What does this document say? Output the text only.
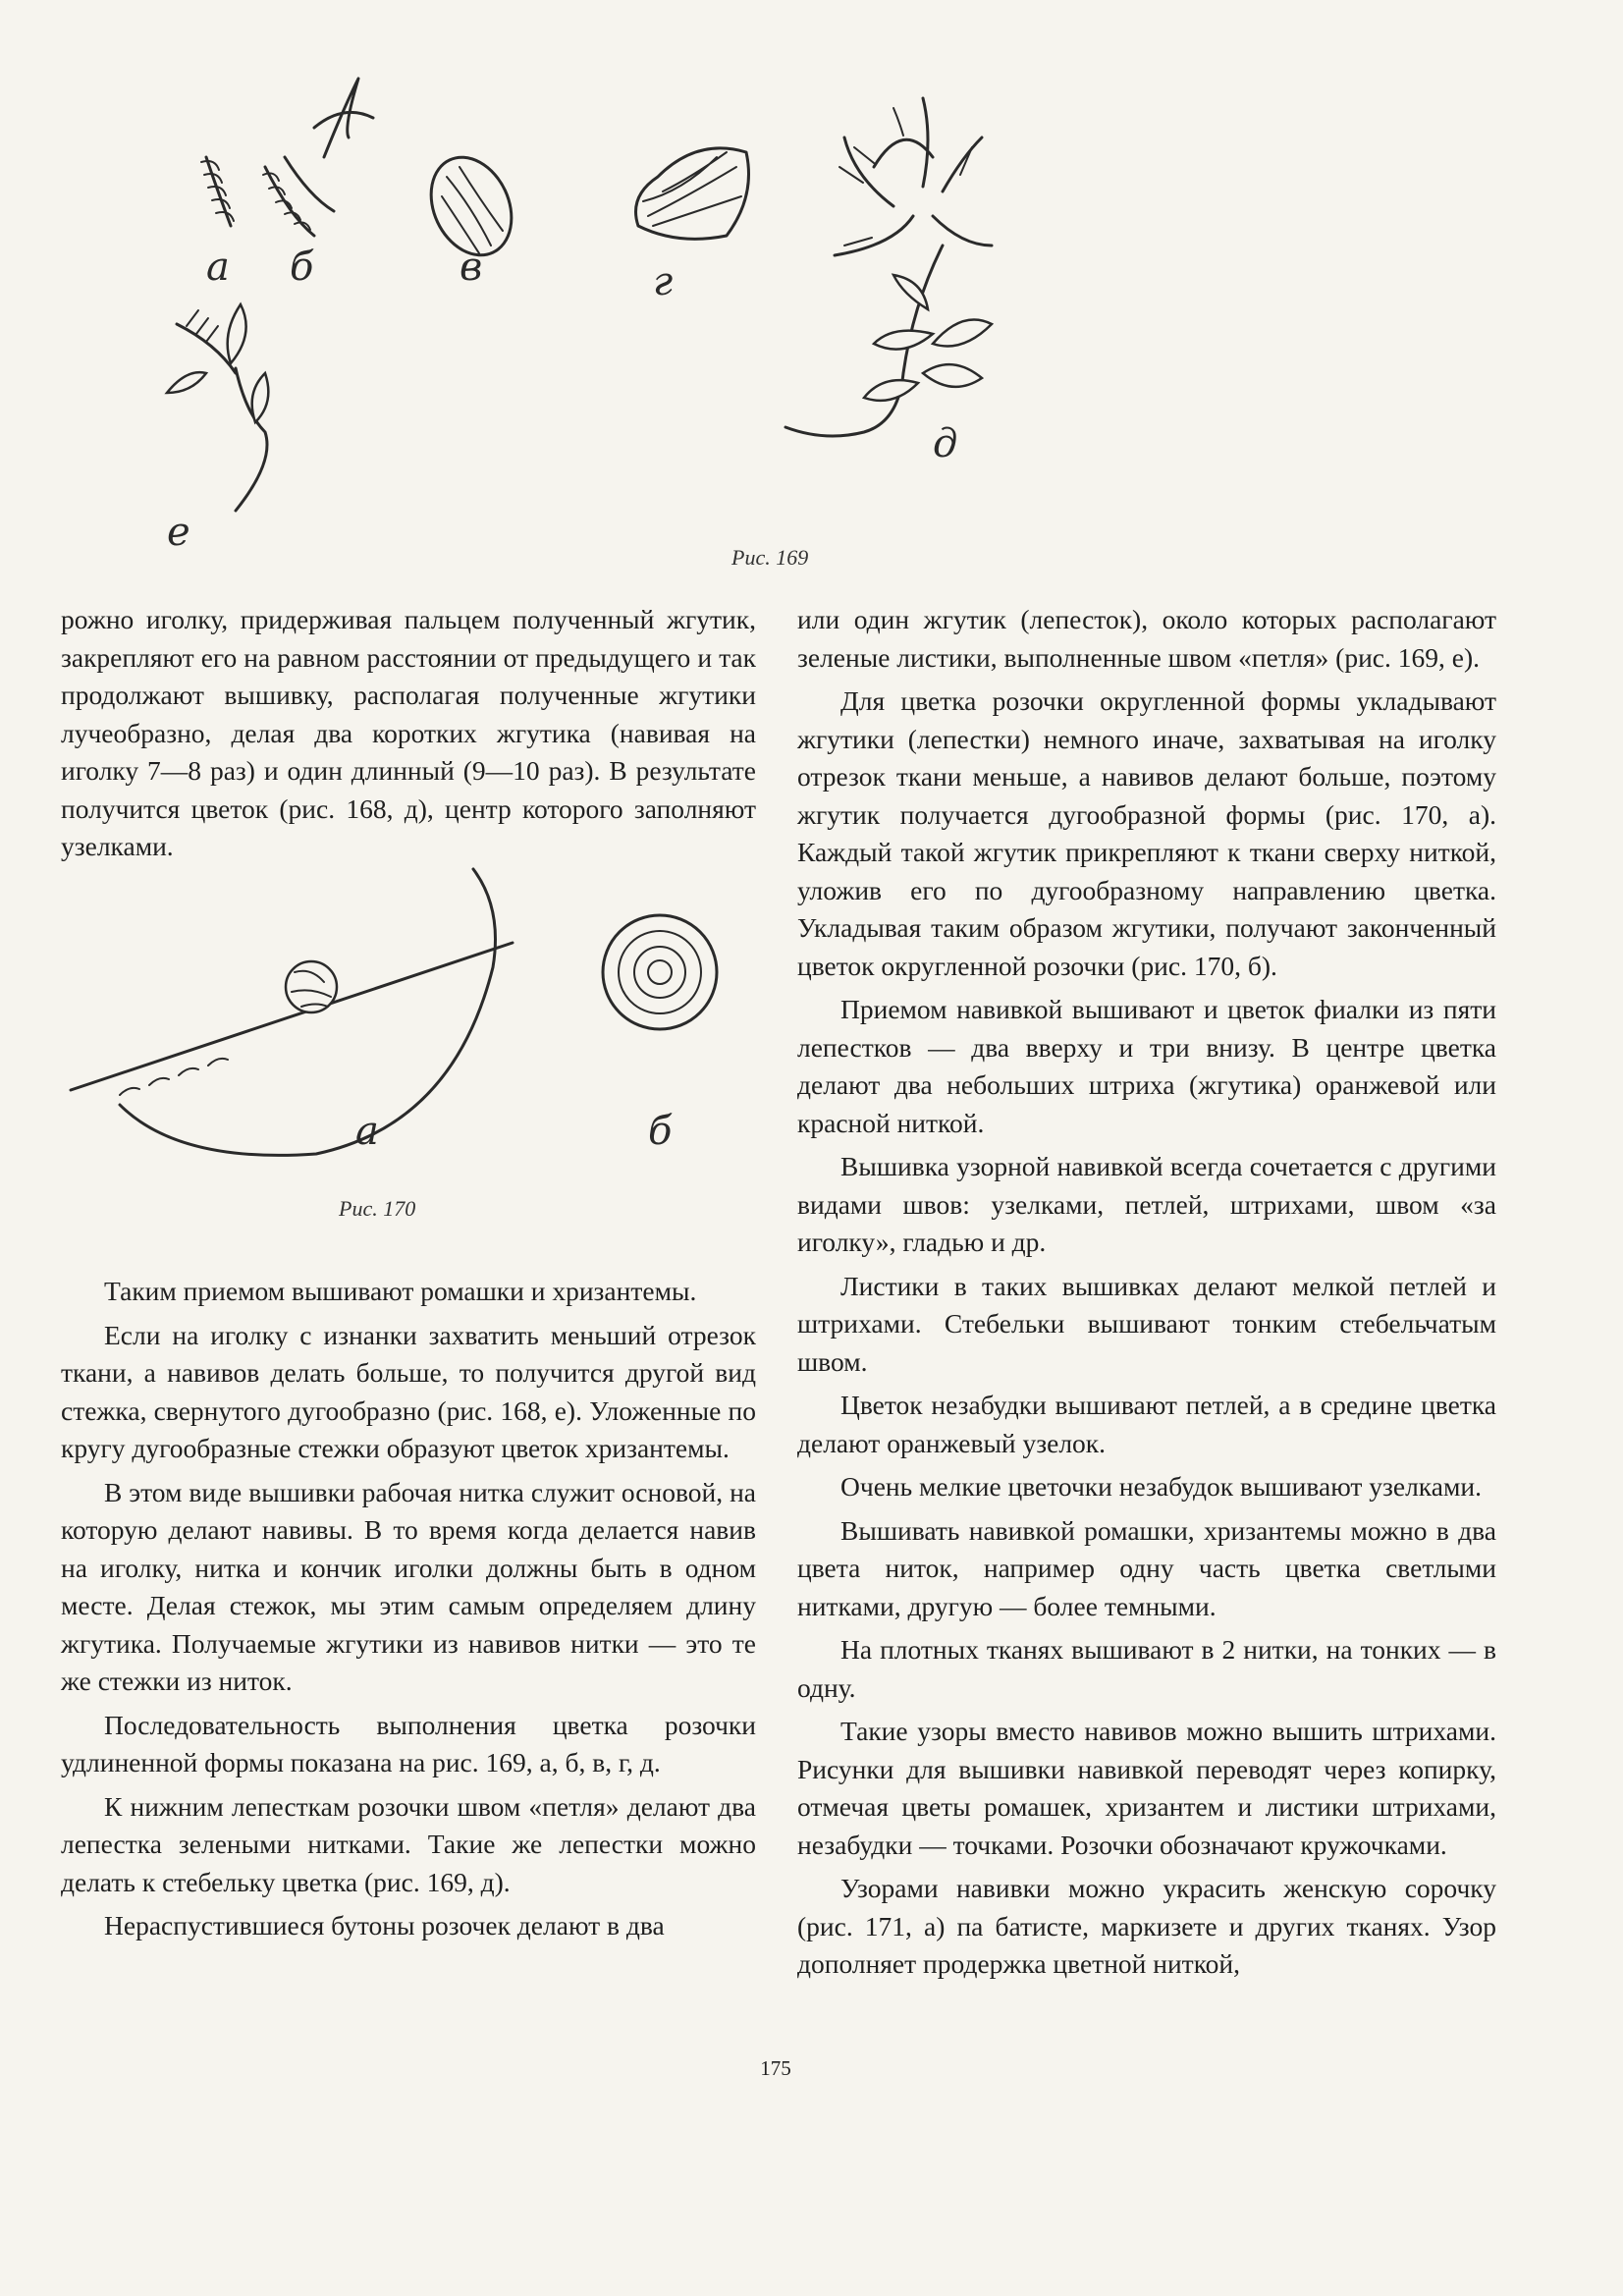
а б	в	г
д
е
Рис. 169

рожно иголку, придерживая пальцем полученный жгутик, закрепляют его на равном расстоянии от предыдущего и так продолжают вышивку, располагая полученные жгутики лучеобразно, делая два коротких жгутика (навивая на иголку 7—8 раз) и один длинный (9—10 раз). В результате получится цветок (рис. 168, д), центр которого заполняют узелками.

а	б
Рис. 170

Таким приемом вышивают ромашки и хризантемы.

Если на иголку с изнанки захватить меньший отрезок ткани, а навивов делать больше, то получится другой вид стежка, свернутого дугообразно (рис. 168, е). Уложенные по кругу дугообразные стежки образуют цветок хризантемы.

В этом виде вышивки рабочая нитка служит основой, на которую делают навивы. В то время когда делается навив на иголку, нитка и кончик иголки должны быть в одном месте. Делая стежок, мы этим самым определяем длину жгутика. Получаемые жгутики из навивов нитки — это те же стежки из ниток.

Последовательность выполнения цветка розочки удлиненной формы показана на рис. 169, а, б, в, г, д.

К нижним лепесткам розочки швом «петля» делают два лепестка зелеными нитками. Такие же лепестки можно делать к стебельку цветка (рис. 169, д).

Нераспустившиеся бутоны розочек делают в два

или один жгутик (лепесток), около которых располагают зеленые листики, выполненные швом «петля» (рис. 169, е).

Для цветка розочки округленной формы укладывают жгутики (лепестки) немного иначе, захватывая на иголку отрезок ткани меньше, а навивов делают больше, поэтому жгутик получается дугообразной формы (рис. 170, а). Каждый такой жгутик прикрепляют к ткани сверху ниткой, уложив его по дугообразному направлению цветка. Укладывая таким образом жгутики, получают законченный цветок округленной розочки (рис. 170, б).

Приемом навивкой вышивают и цветок фиалки из пяти лепестков — два вверху и три внизу. В центре цветка делают два небольших штриха (жгутика) оранжевой или красной ниткой.

Вышивка узорной навивкой всегда сочетается с другими видами швов: узелками, петлей, штрихами, швом «за иголку», гладью и др.

Листики в таких вышивках делают мелкой петлей и штрихами. Стебельки вышивают тонким стебельчатым швом.

Цветок незабудки вышивают петлей, а в средине цветка делают оранжевый узелок.

Очень мелкие цветочки незабудок вышивают узелками.

Вышивать навивкой ромашки, хризантемы можно в два цвета ниток, например одну часть цветка светлыми нитками, другую — более темными.

На плотных тканях вышивают в 2 нитки, на тонких — в одну.

Такие узоры вместо навивов можно вышить штрихами. Рисунки для вышивки навивкой переводят через копирку, отмечая цветы ромашек, хризантем и листики штрихами, незабудки — точками. Розочки обозначают кружочками.

Узорами навивки можно украсить женскую сорочку (рис. 171, а) па батисте, маркизете и других тканях. Узор дополняет продержка цветной ниткой,

175
